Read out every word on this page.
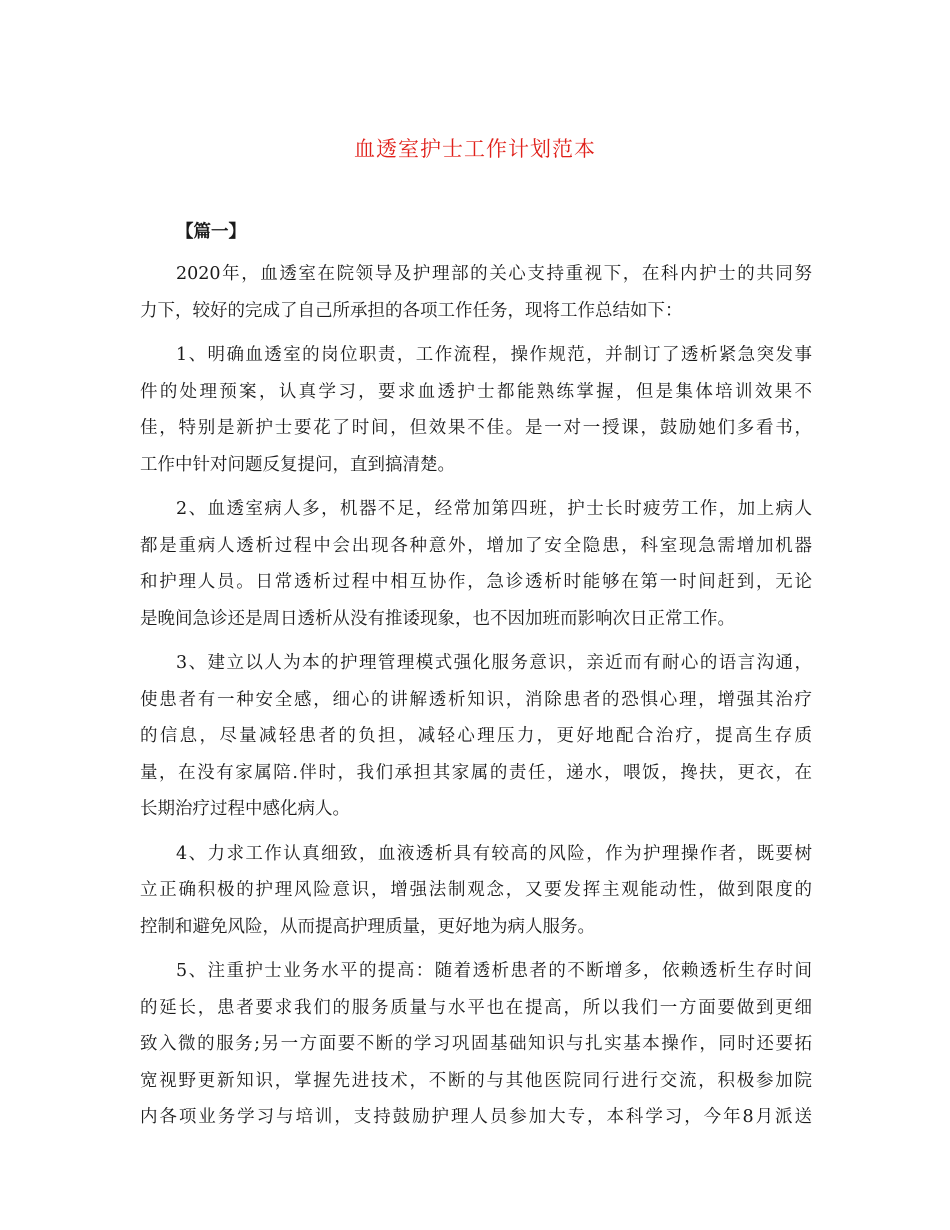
血透室护士工作计划范本
【篇一】

2020年，血透室在院领导及护理部的关心支持重视下，在科内护士的共同努
力下，较好的完成了自己所承担的各项工作任务，现将工作总结如下：

1、明确血透室的岗位职责，工作流程，操作规范，并制订了透析紧急突发事
件的处理预案，认真学习，要求血透护士都能熟练掌握，但是集体培训效果不
佳，特别是新护士要花了时间，但效果不佳。是一对一授课，鼓励她们多看书，
工作中针对问题反复提问，直到搞清楚。

2、血透室病人多，机器不足，经常加第四班，护士长时疲劳工作，加上病人
都是重病人透析过程中会出现各种意外，增加了安全隐患，科室现急需增加机器
和护理人员。日常透析过程中相互协作，急诊透析时能够在第一时间赶到，无论
是晚间急诊还是周日透析从没有推诿现象，也不因加班而影响次日正常工作。

3、建立以人为本的护理管理模式强化服务意识，亲近而有耐心的语言沟通，
使患者有一种安全感，细心的讲解透析知识，消除患者的恐惧心理，增强其治疗
的信息，尽量减轻患者的负担，减轻心理压力，更好地配合治疗，提高生存质
量，在没有家属陪.伴时，我们承担其家属的责任，递水，喂饭，搀扶，更衣，在
长期治疗过程中感化病人。

4、力求工作认真细致，血液透析具有较高的风险，作为护理操作者，既要树
立正确积极的护理风险意识，增强法制观念，又要发挥主观能动性，做到限度的
控制和避免风险，从而提高护理质量，更好地为病人服务。

5、注重护士业务水平的提高：随着透析患者的不断增多，依赖透析生存时间
的延长，患者要求我们的服务质量与水平也在提高，所以我们一方面要做到更细
致入微的服务;另一方面要不断的学习巩固基础知识与扎实基本操作，同时还要拓
宽视野更新知识，掌握先进技术，不断的与其他医院同行进行交流，积极参加院
内各项业务学习与培训，支持鼓励护理人员参加大专，本科学习，今年8月派送
